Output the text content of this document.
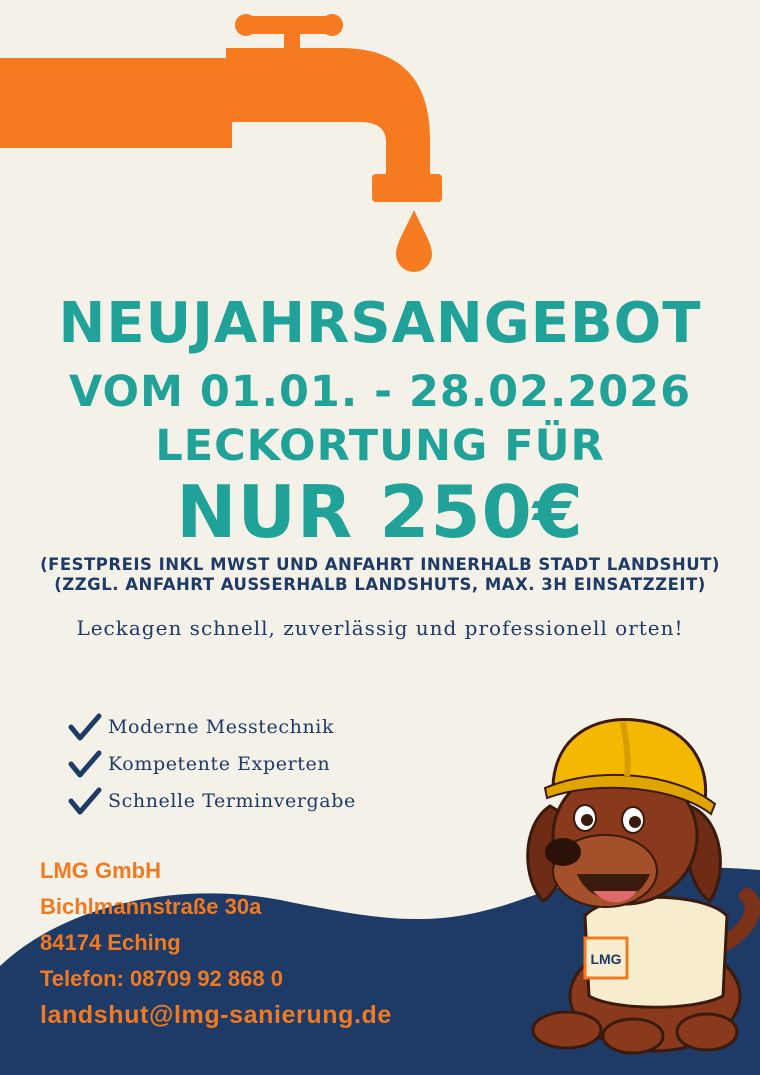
NEUJAHRSANGEBOT
VOM 01.01. - 28.02.2026
LECKORTUNG FÜR
NUR 250€
(FESTPREIS INKL MWST UND ANFAHRT INNERHALB STADT LANDSHUT)
(ZZGL. ANFAHRT AUSSERHALB LANDSHUTS, MAX. 3H EINSATZZEIT)
Leckagen schnell, zuverlässig und professionell orten!
Moderne Messtechnik
Kompetente Experten
Schnelle Terminvergabe
LMG GmbH
Bichlmannstraße 30a
84174 Eching
Telefon: 08709 92 868 0
landshut@lmg-sanierung.de
LMG
